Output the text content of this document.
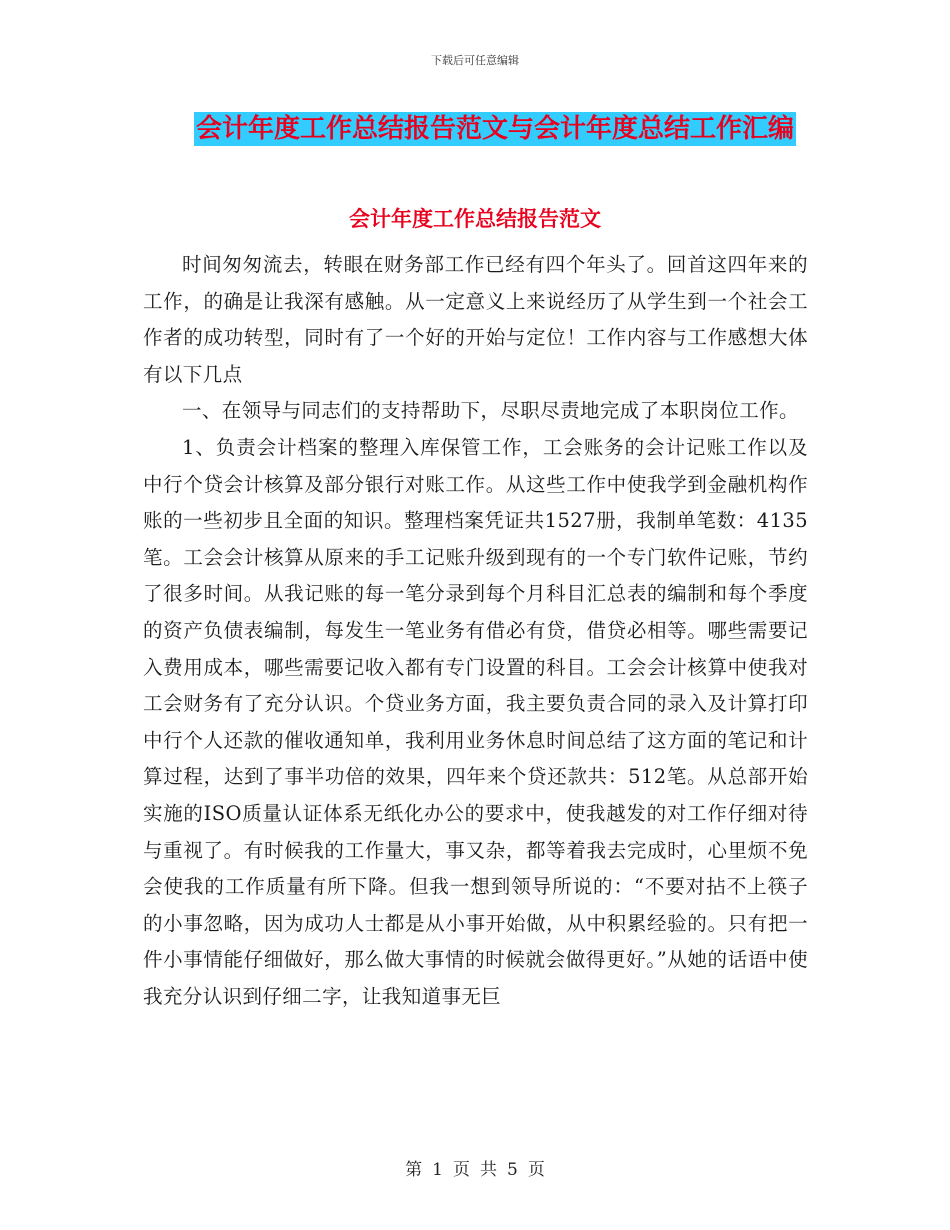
下载后可任意编辑
会计年度工作总结报告范文与会计年度总结工作汇编
会计年度工作总结报告范文

时间匆匆流去，转眼在财务部工作已经有四个年头了。回首这四年来的工作，的确是让我深有感触。从一定意义上来说经历了从学生到一个社会工作者的成功转型，同时有了一个好的开始与定位！工作内容与工作感想大体有以下几点

一、在领导与同志们的支持帮助下，尽职尽责地完成了本职岗位工作。

1、负责会计档案的整理入库保管工作，工会账务的会计记账工作以及中行个贷会计核算及部分银行对账工作。从这些工作中使我学到金融机构作账的一些初步且全面的知识。整理档案凭证共1527册，我制单笔数：4135笔。工会会计核算从原来的手工记账升级到现有的一个专门软件记账，节约了很多时间。从我记账的每一笔分录到每个月科目汇总表的编制和每个季度的资产负债表编制，每发生一笔业务有借必有贷，借贷必相等。哪些需要记入费用成本，哪些需要记收入都有专门设置的科目。工会会计核算中使我对工会财务有了充分认识。个贷业务方面，我主要负责合同的录入及计算打印中行个人还款的催收通知单，我利用业务休息时间总结了这方面的笔记和计算过程，达到了事半功倍的效果，四年来个贷还款共：512笔。从总部开始实施的ISO质量认证体系无纸化办公的要求中，使我越发的对工作仔细对待与重视了。有时候我的工作量大，事又杂，都等着我去完成时，心里烦不免会使我的工作质量有所下降。但我一想到领导所说的：“不要对拈不上筷子的小事忽略，因为成功人士都是从小事开始做，从中积累经验的。只有把一件小事情能仔细做好，那么做大事情的时候就会做得更好。”从她的话语中使我充分认识到仔细二字，让我知道事无巨

第 1 页 共 5 页
